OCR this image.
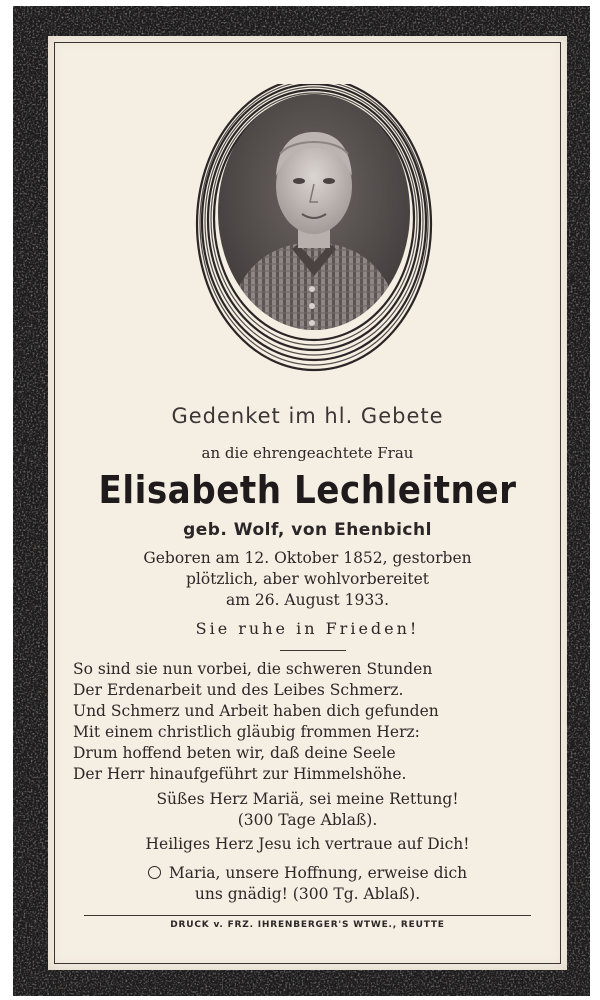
Gedenket im hl. Gebete
an die ehrengeachtete Frau
Elisabeth Lechleitner
geb. Wolf, von Ehenbichl
Geboren am 12. Oktober 1852, gestorben
plötzlich, aber wohlvorbereitet
am 26. August 1933.
Sie ruhe in Frieden!
So sind sie nun vorbei, die schweren Stunden
Der Erdenarbeit und des Leibes Schmerz.
Und Schmerz und Arbeit haben dich gefunden
Mit einem christlich gläubig frommen Herz:
Drum hoffend beten wir, daß deine Seele
Der Herr hinaufgeführt zur Himmelshöhe.
Süßes Herz Mariä, sei meine Rettung!
(300 Tage Ablaß).
Heiliges Herz Jesu ich vertraue auf Dich!
Maria, unsere Hoffnung, erweise dich
uns gnädig! (300 Tg. Ablaß).
DRUCK v. FRZ. IHRENBERGER'S WTWE., REUTTE
